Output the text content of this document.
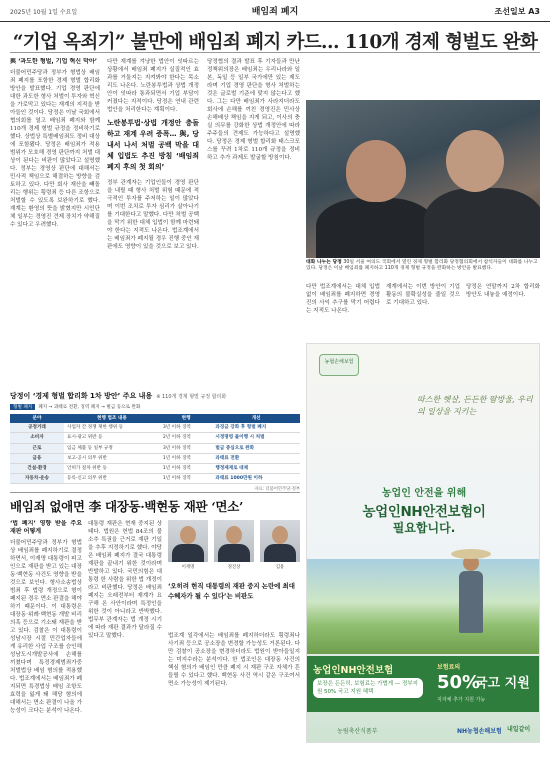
2025년 10월 1일 수요일	배임죄 폐지	조선일보 A3
“기업 옥죄기” 불만에 배임죄 폐지 카드… 110개 경제 형벌도 완화
與 ‘과도한 형벌, 기업 혁신 막아’
더불어민주당과 정부가 형법상 배임죄 폐지를 포함한 경제 형벌 합리화 방안을 발표했다. 기업 경영 판단에 대한 과도한 형사 처벌이 투자와 혁신을 가로막고 있다는 재계의 지적을 받아들인 것이다. 당정은 이날 국회에서 협의회를 열고 배임죄 폐지와 함께 110개 경제 형벌 규정을 정비하기로 했다. 상법상 특별배임죄도 정비 대상에 포함됐다. 당정은 배임죄가 적용 범위가 모호해 경영 판단까지 처벌 대상이 된다는 비판이 많았다고 설명했다. 정부는 경영상 판단에 대해서는 민사적 책임으로 해결하는 방향을 검토하고 있다. 다만 회사 재산을 빼돌리는 행위는 횡령죄 등 다른 조항으로 처벌할 수 있도록 보완하기로 했다. 재계는 환영의 뜻을 밝혔지만 시민단체 일부는 경영진 견제 장치가 약해질 수 있다고 우려했다.
다만 재계를 겨냥한 법안이 잇따르는 상황에서 배임죄 폐지가 실질적인 효과를 거둘지는 지켜봐야 한다는 목소리도 나온다. 노란봉투법과 상법 개정안이 잇따라 통과되면서 기업 부담이 커졌다는 지적이다. 당정은 연내 관련 법안을 처리한다는 계획이다.
노란봉투법·상법 개정안 충돌하고 재계 우려 증폭… 與, 당내서 나서 처벌 공백 막을 대체 입법도 추진 방침 ‘배임죄 폐지 후의 첫 회의’
정부 관계자는 기업인들이 경영 판단을 내릴 때 형사 처벌 위험 때문에 적극적인 투자를 주저하는 일이 많았다며 이번 조치로 투자 심리가 살아나기를 기대한다고 말했다. 다만 처벌 공백을 막기 위한 대체 입법이 함께 마련돼야 한다는 지적도 나온다. 법조계에서는 배임죄가 폐지될 경우 진행 중인 재판에도 영향이 있을 것으로 보고 있다.
당정협의 결과 발표 후 기자들과 만난 정책위의장은 배임죄는 우리나라와 일본, 독일 등 일부 국가에만 있는 제도라며 기업 경영 판단을 형사 처벌하는 것은 글로벌 기준에 맞지 않는다고 했다. 그는 다만 배임죄가 사라지더라도 회사에 손해를 끼친 경영진은 민사상 손해배상 책임을 지게 되고, 이사의 충실 의무를 강화한 상법 개정안에 따라 주주들의 견제도 가능하다고 설명했다. 당정은 경제 형벌 합리화 태스크포스를 꾸려 1차로 110개 규정을 정비하고 추가 과제도 발굴할 방침이다.
대화 나누는 당정 30일 서울 여의도 국회에서 열린 경제 형벌 합리화 당정협의회에서 참석자들이 대화를 나누고 있다. 당정은 이날 배임죄를 폐지하고 110개 경제 형벌 규정을 완화하는 방안을 발표했다.
다만 법조계에서는 대체 입법 없이 배임죄를 폐지하면 경영진의 사익 추구를 막기 어렵다는 지적도 나온다.
재계에서는 이번 방안이 기업 활동의 불확실성을 줄일 것으로 기대하고 있다.
당정은 연말까지 2차 합리화 방안도 내놓을 예정이다.
당정이 ‘경제 형벌 합리화 1차 방안’ 주요 내용 ※ 110개 경제 형벌 규정 합리화
형벌 폐지 폐지 → 과태료 전환, 징역 폐지 → 벌금 등으로 완화
분야	현행 법조 내용	현행	개선
공정거래	사업자 간 경쟁 제한 행위 등	3년 이하 징역	과징금 강화 후 형벌 폐지
소비자	표시·광고 위반 등	2년 이하 징역	시정명령 불이행 시 처벌
근로	임금 체불 등 일부 규정	3년 이하 징역	벌금 중심으로 완화
금융	보고·공시 의무 위반	1년 이하 징역	과태료 전환
건설·환경	인허가 절차 위반 등	1년 이하 징역	행정제재로 대체
자동차·운송	등록·신고 의무 위반	1년 이하 징역	과태료 1000만원 이하
자료: 더불어민주당·정부
배임죄 없애면 李 대장동·백현동 재판 ‘면소’
‘법 폐지’ 영향 받을 주요 재판 어떻게
더불어민주당과 정부가 형법상 배임죄를 폐지하기로 결정하면서, 이재명 대통령이 피고인으로 재판을 받고 있는 대장동·백현동 사건도 영향을 받을 것으로 보인다. 형사소송법상 범죄 후 법령 개정으로 형이 폐지된 경우 면소 판결을 해야 하기 때문이다. 이 대통령은 대장동·위례·백현동 개발 비리 의혹 등으로 기소돼 재판을 받고 있다. 검찰은 이 대통령이 성남시장 시절 민간업자들에게 유리한 사업 구조를 승인해 성남도시개발공사에 손해를 끼쳤다며 특정경제범죄가중처벌법상 배임 혐의를 적용했다. 법조계에서는 배임죄가 폐지되면 특경법상 배임 조항도 효력을 잃게 돼 해당 혐의에 대해서는 면소 판결이 나올 가능성이 크다는 분석이 나온다.
대통령 재판은 현재 중지된 상태다. 법원은 헌법 84조의 불소추 특권을 근거로 재판 기일을 추후 지정하기로 했다. 야당은 배임죄 폐지가 결국 대통령 재판을 끝내기 위한 것이라며 반발하고 있다. 국민의힘은 대통령 한 사람을 위한 법 개정이라고 비판했다. 당정은 배임죄 폐지는 오래전부터 재계가 요구해 온 사안이라며 특정인을 위한 것이 아니라고 반박했다. 법무부 관계자는 법 개정 시기에 따라 재판 결과가 달라질 수 있다고 말했다.
이재명	정진상	김용
‘오히려 현직 대통령의 재판 중지 논란에 최대 수혜자가 될 수 있다’는 비판도
법조계 일각에서는 배임죄를 폐지하더라도 횡령죄나 사기죄 등으로 공소장을 변경할 가능성도 거론된다. 다만 검찰이 공소장을 변경하더라도 법원이 받아들일지는 미지수라는 분석이다. 한 법조인은 대장동 사건의 핵심 혐의가 배임인 만큼 폐지 시 재판 구조 자체가 흔들릴 수 있다고 했다. 백현동 사건 역시 같은 구조여서 면소 가능성이 제기된다.
농협손해보험
따스한 햇살, 든든한 땀방울, 우리의 일상을 지키는
농업인 안전을 위해
농업인NH안전보험이
필요합니다.
농업인NH안전보험
보장은 든든히, 보험료는 가볍게 — 정부지원 50% 국고 지원 혜택
보험료의
50%
국고 지원
지자체 추가 지원 가능
농림축산식품부	NH농협손해보험 내일같이
